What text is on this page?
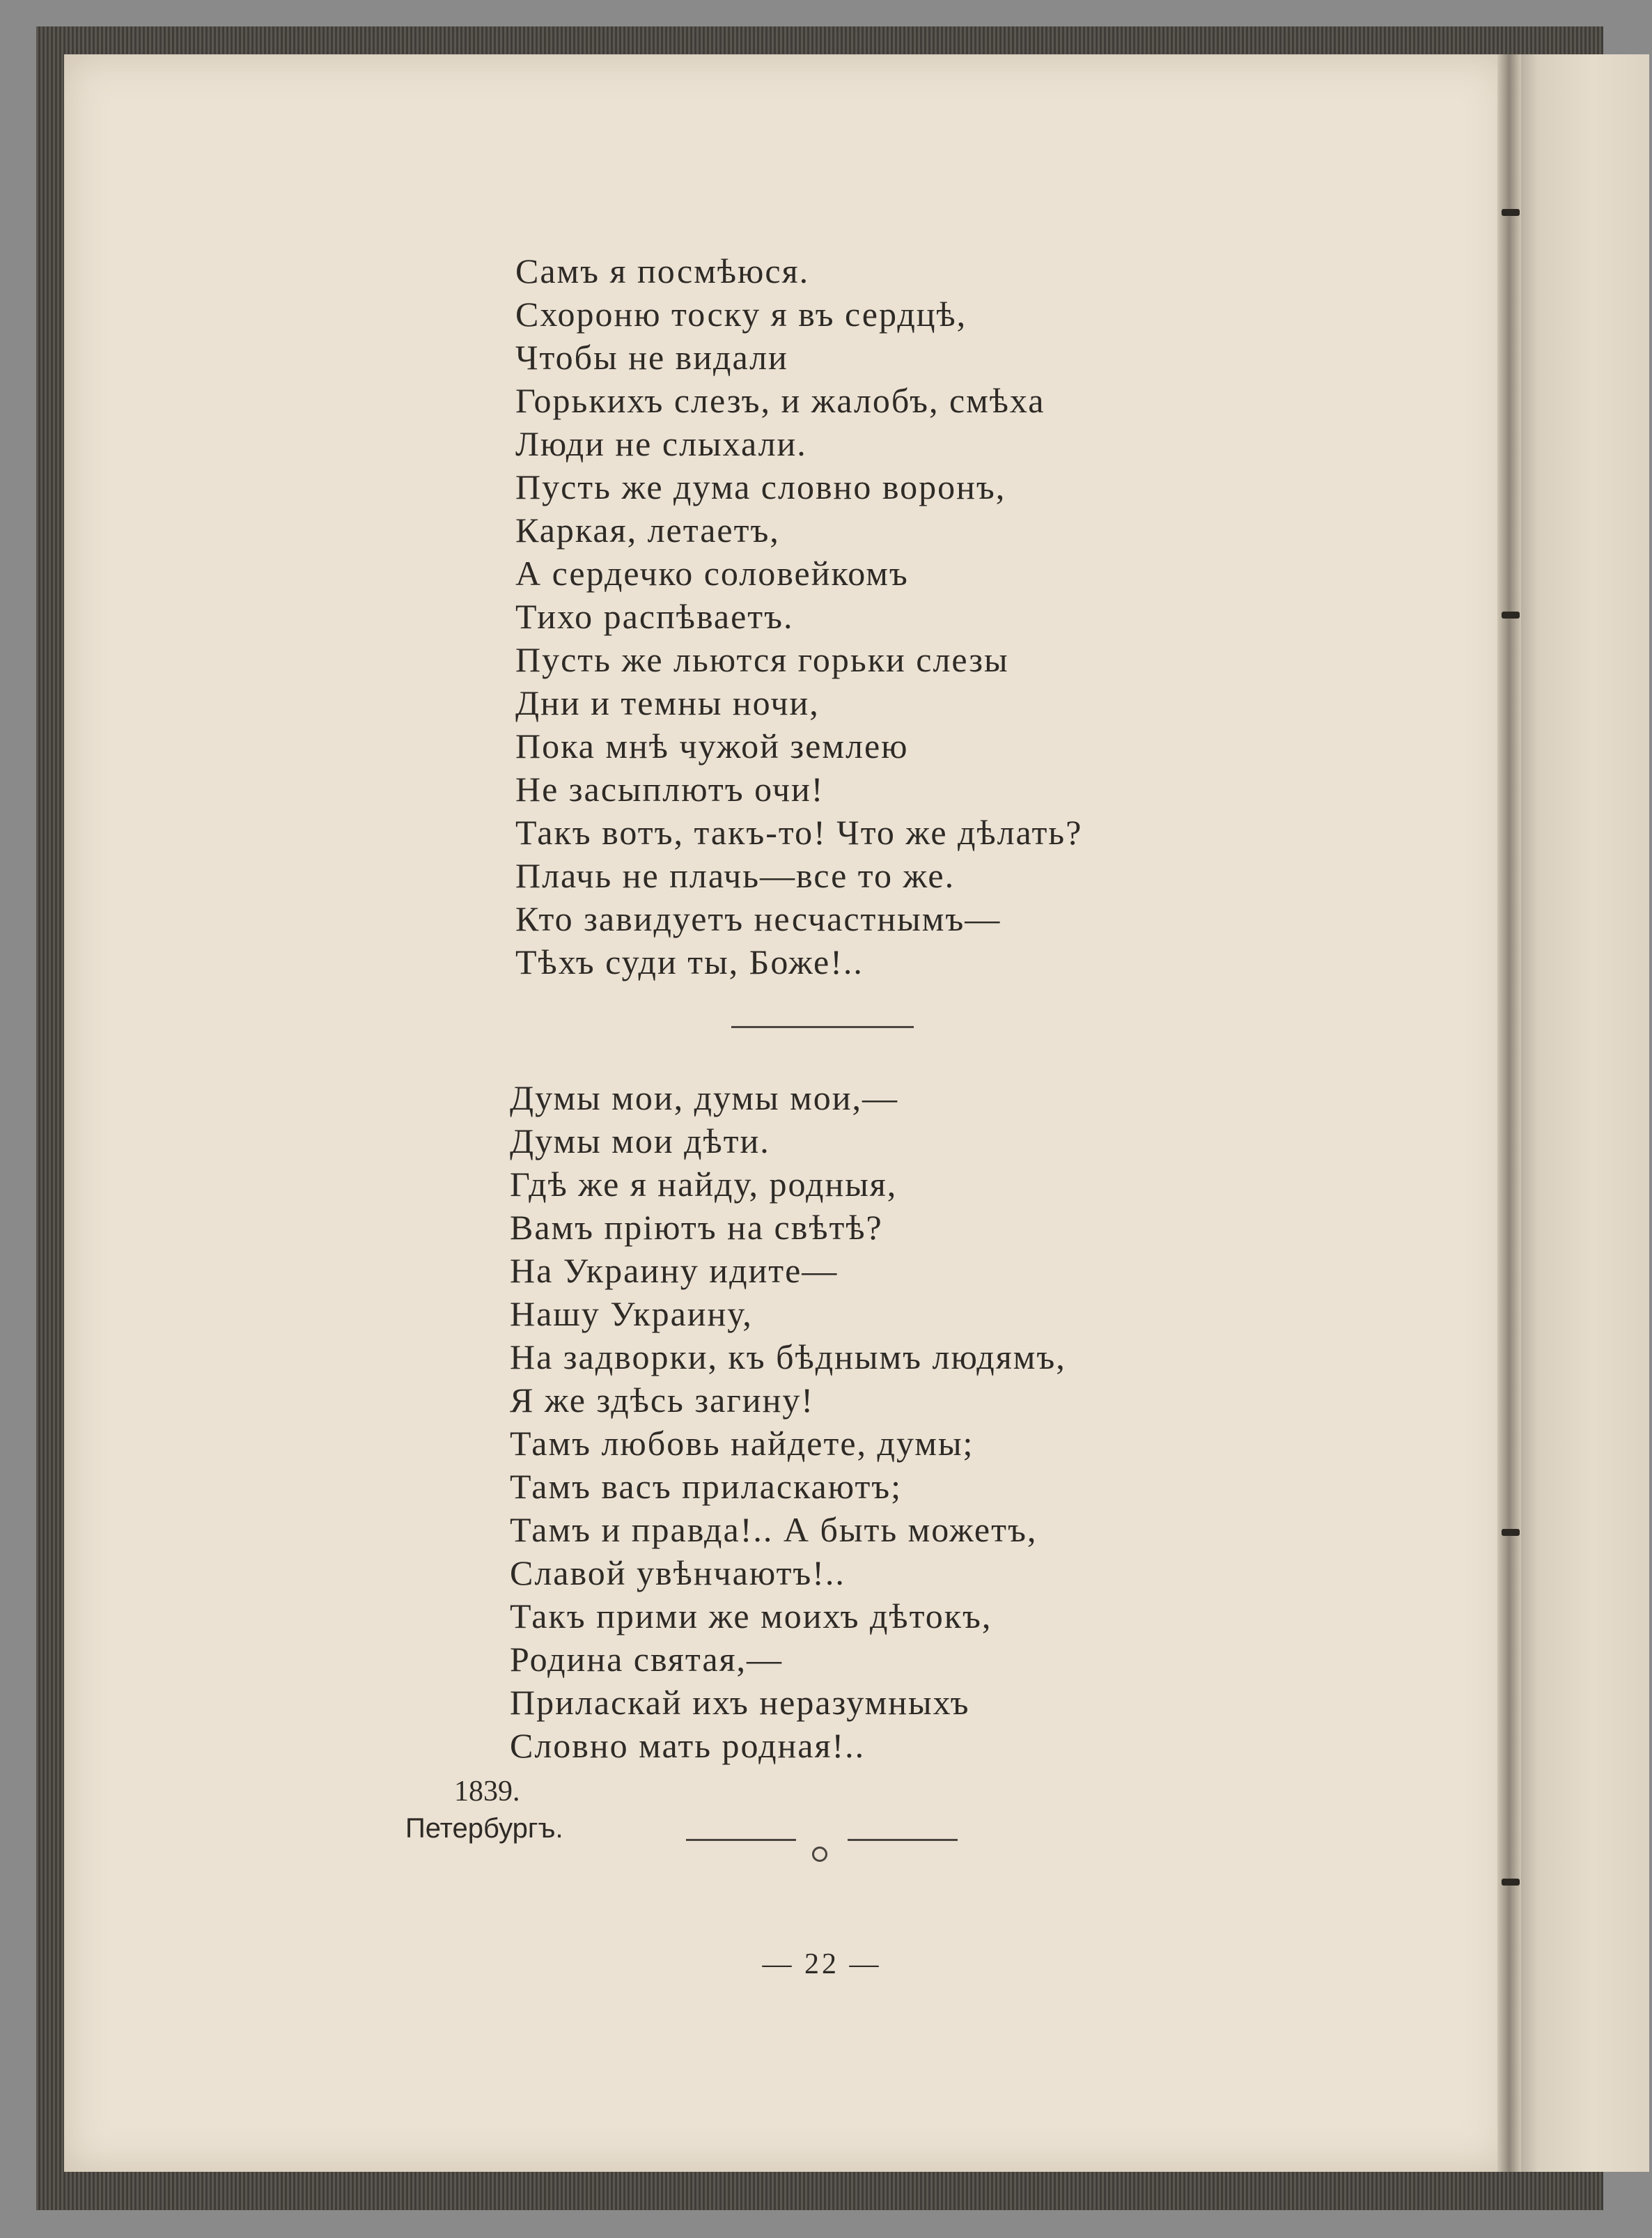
Самъ я посмѣюся.
Схороню тоску я въ сердцѣ,
Чтобы не видали
Горькихъ слезъ, и жалобъ, смѣха
Люди не слыхали.
Пусть же дума словно воронъ,
Каркая, летаетъ,
А сердечко соловейкомъ
Тихо распѣваетъ.
Пусть же льются горьки слезы
Дни и темны ночи,
Пока мнѣ чужой землею
Не засыплютъ очи!
Такъ вотъ, такъ-то! Что же дѣлать?
Плачь не плачь—все то же.
Кто завидуетъ несчастнымъ—
Тѣхъ суди ты, Боже!..
Думы мои, думы мои,—
Думы мои дѣти.
Гдѣ же я найду, родныя,
Вамъ пріютъ на свѣтѣ?
На Украину идите—
Нашу Украину,
На задворки, къ бѣднымъ людямъ,
Я же здѣсь загину!
Тамъ любовь найдете, думы;
Тамъ васъ приласкаютъ;
Тамъ и правда!.. А быть можетъ,
Славой увѣнчаютъ!..
Такъ прими же моихъ дѣтокъ,
Родина святая,—
Приласкай ихъ неразумныхъ
Словно мать родная!..
1839.
Петербургъ.
— 22 —
